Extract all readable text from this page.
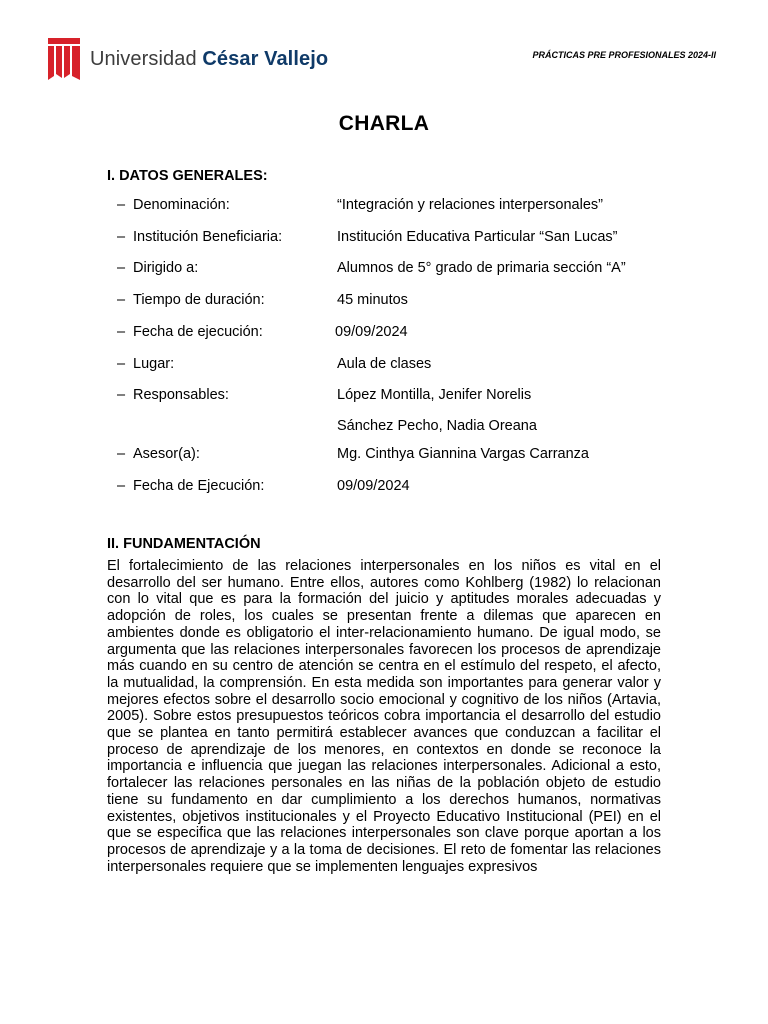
Universidad César Vallejo	PRÁCTICAS PRE PROFESIONALES 2024-II
CHARLA
I. DATOS GENERALES:
– Denominación:	“Integración y relaciones interpersonales”
– Institución Beneficiaria:	Institución Educativa Particular “San Lucas”
– Dirigido a:	Alumnos de 5° grado de primaria sección “A”
– Tiempo de duración:	45 minutos
– Fecha de ejecución:	09/09/2024
– Lugar:	Aula de clases
– Responsables:	López Montilla, Jenifer Norelis
Sánchez Pecho, Nadia Oreana
– Asesor(a):	Mg. Cinthya Giannina Vargas Carranza
– Fecha de Ejecución:	09/09/2024
II. FUNDAMENTACIÓN

El fortalecimiento de las relaciones interpersonales en los niños es vital en el desarrollo del ser humano. Entre ellos, autores como Kohlberg (1982) lo relacionan con lo vital que es para la formación del juicio y aptitudes morales adecuadas y adopción de roles, los cuales se presentan frente a dilemas que aparecen en ambientes donde es obligatorio el inter-relacionamiento humano. De igual modo, se argumenta que las relaciones interpersonales favorecen los procesos de aprendizaje más cuando en su centro de atención se centra en el estímulo del respeto, el afecto, la mutualidad, la comprensión. En esta medida son importantes para generar valor y mejores efectos sobre el desarrollo socio emocional y cognitivo de los niños (Artavia, 2005). Sobre estos presupuestos teóricos cobra importancia el desarrollo del estudio que se plantea en tanto permitirá establecer avances que conduzcan a facilitar el proceso de aprendizaje de los menores, en contextos en donde se reconoce la importancia e influencia que juegan las relaciones interpersonales. Adicional a esto, fortalecer las relaciones personales en las niñas de la población objeto de estudio tiene su fundamento en dar cumplimiento a los derechos humanos, normativas existentes, objetivos institucionales y el Proyecto Educativo Institucional (PEI) en el que se especifica que las relaciones interpersonales son clave porque aportan a los procesos de aprendizaje y a la toma de decisiones. El reto de fomentar las relaciones interpersonales requiere que se implementen lenguajes expresivos
